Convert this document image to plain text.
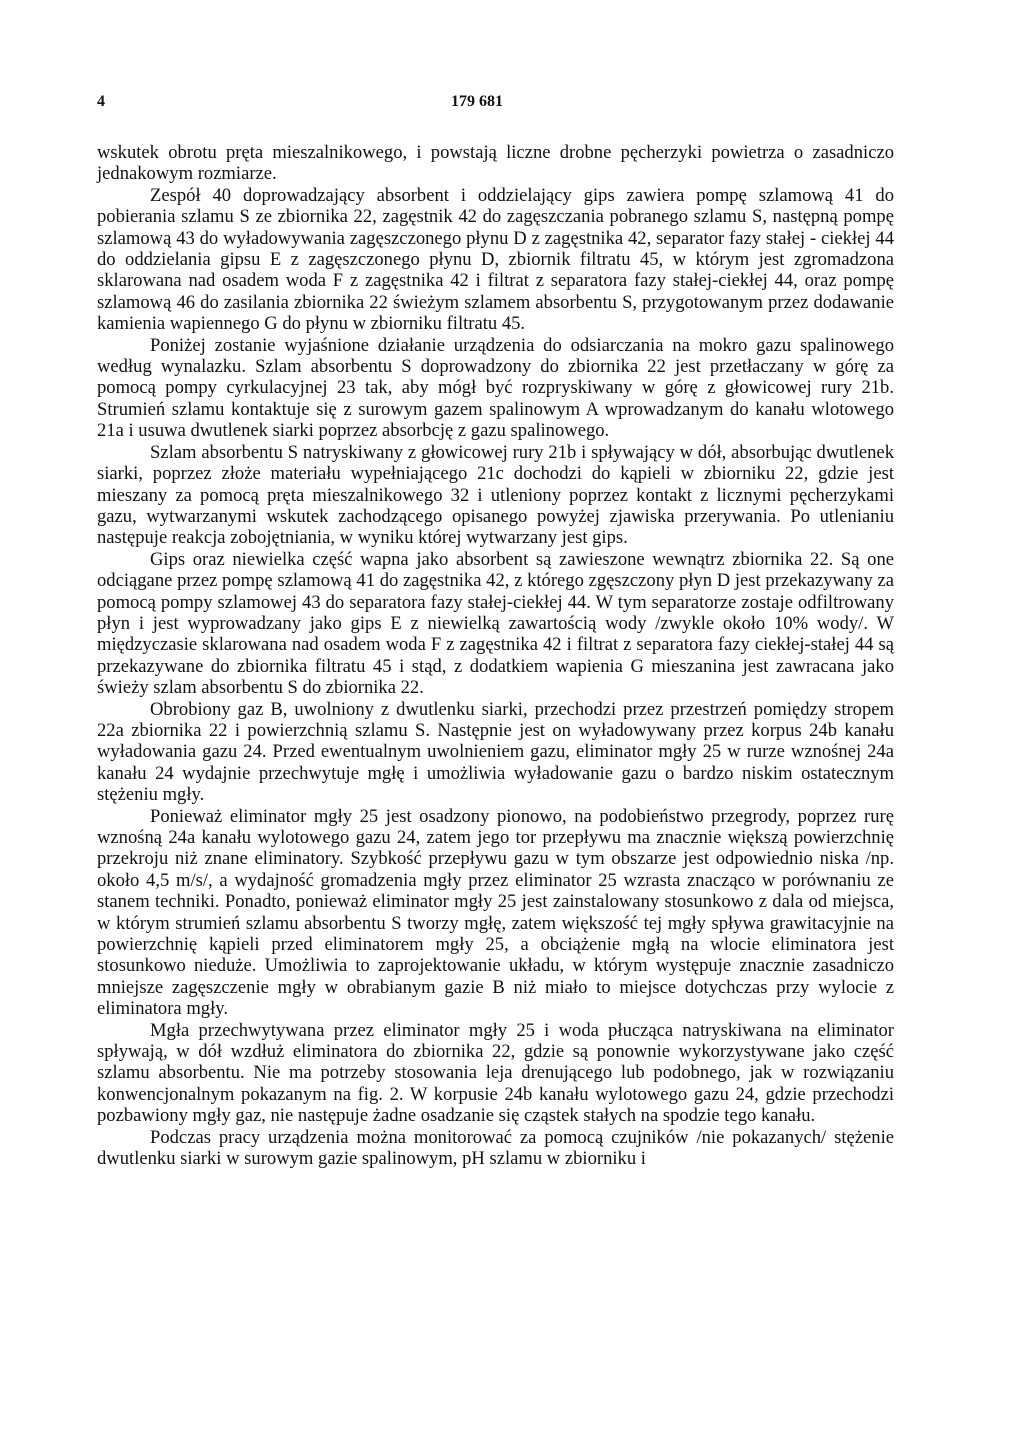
4	179 681

wskutek obrotu pręta mieszalnikowego, i powstają liczne drobne pęcherzyki powietrza o zasadniczo jednakowym rozmiarze.

Zespół 40 doprowadzający absorbent i oddzielający gips zawiera pompę szlamową 41 do pobierania szlamu S ze zbiornika 22, zagęstnik 42 do zagęszczania pobranego szlamu S, następną pompę szlamową 43 do wyładowywania zagęszczonego płynu D z zagęstnika 42, separator fazy stałej - ciekłej 44 do oddzielania gipsu E z zagęszczonego płynu D, zbiornik filtratu 45, w którym jest zgromadzona sklarowana nad osadem woda F z zagęstnika 42 i filtrat z separatora fazy stałej-ciekłej 44, oraz pompę szlamową 46 do zasilania zbiornika 22 świeżym szlamem absorbentu S, przygotowanym przez dodawanie kamienia wapiennego G do płynu w zbiorniku filtratu 45.

Poniżej zostanie wyjaśnione działanie urządzenia do odsiarczania na mokro gazu spalinowego według wynalazku. Szlam absorbentu S doprowadzony do zbiornika 22 jest przetłaczany w górę za pomocą pompy cyrkulacyjnej 23 tak, aby mógł być rozpryskiwany w górę z głowicowej rury 21b. Strumień szlamu kontaktuje się z surowym gazem spalinowym A wprowadzanym do kanału wlotowego 21a i usuwa dwutlenek siarki poprzez absorbcję z gazu spalinowego.

Szlam absorbentu S natryskiwany z głowicowej rury 21b i spływający w dół, absorbując dwutlenek siarki, poprzez złoże materiału wypełniającego 21c dochodzi do kąpieli w zbiorniku 22, gdzie jest mieszany za pomocą pręta mieszalnikowego 32 i utleniony poprzez kontakt z licznymi pęcherzykami gazu, wytwarzanymi wskutek zachodzącego opisanego powyżej zjawiska przerywania. Po utlenianiu następuje reakcja zobojętniania, w wyniku której wytwarzany jest gips.

Gips oraz niewielka część wapna jako absorbent są zawieszone wewnątrz zbiornika 22. Są one odciągane przez pompę szlamową 41 do zagęstnika 42, z którego zgęszczony płyn D jest przekazywany za pomocą pompy szlamowej 43 do separatora fazy stałej-ciekłej 44. W tym separatorze zostaje odfiltrowany płyn i jest wyprowadzany jako gips E z niewielką zawartością wody /zwykle około 10% wody/. W międzyczasie sklarowana nad osadem woda F z zagęstnika 42 i filtrat z separatora fazy ciekłej-stałej 44 są przekazywane do zbiornika filtratu 45 i stąd, z dodatkiem wapienia G mieszanina jest zawracana jako świeży szlam absorbentu S do zbiornika 22.

Obrobiony gaz B, uwolniony z dwutlenku siarki, przechodzi przez przestrzeń pomiędzy stropem 22a zbiornika 22 i powierzchnią szlamu S. Następnie jest on wyładowywany przez korpus 24b kanału wyładowania gazu 24. Przed ewentualnym uwolnieniem gazu, eliminator mgły 25 w rurze wznośnej 24a kanału 24 wydajnie przechwytuje mgłę i umożliwia wyładowanie gazu o bardzo niskim ostatecznym stężeniu mgły.

Ponieważ eliminator mgły 25 jest osadzony pionowo, na podobieństwo przegrody, poprzez rurę wznośną 24a kanału wylotowego gazu 24, zatem jego tor przepływu ma znacznie większą powierzchnię przekroju niż znane eliminatory. Szybkość przepływu gazu w tym obszarze jest odpowiednio niska /np. około 4,5 m/s/, a wydajność gromadzenia mgły przez eliminator 25 wzrasta znacząco w porównaniu ze stanem techniki. Ponadto, ponieważ eliminator mgły 25 jest zainstalowany stosunkowo z dala od miejsca, w którym strumień szlamu absorbentu S tworzy mgłę, zatem większość tej mgły spływa grawitacyjnie na powierzchnię kąpieli przed eliminatorem mgły 25, a obciążenie mgłą na wlocie eliminatora jest stosunkowo nieduże. Umożliwia to zaprojektowanie układu, w którym występuje znacznie zasadniczo mniejsze zagęszczenie mgły w obrabianym gazie B niż miało to miejsce dotychczas przy wylocie z eliminatora mgły.

Mgła przechwytywana przez eliminator mgły 25 i woda płucząca natryskiwana na eliminator spływają, w dół wzdłuż eliminatora do zbiornika 22, gdzie są ponownie wykorzystywane jako część szlamu absorbentu. Nie ma potrzeby stosowania leja drenującego lub podobnego, jak w rozwiązaniu konwencjonalnym pokazanym na fig. 2. W korpusie 24b kanału wylotowego gazu 24, gdzie przechodzi pozbawiony mgły gaz, nie następuje żadne osadzanie się cząstek stałych na spodzie tego kanału.

Podczas pracy urządzenia można monitorować za pomocą czujników /nie pokazanych/ stężenie dwutlenku siarki w surowym gazie spalinowym, pH szlamu w zbiorniku i
